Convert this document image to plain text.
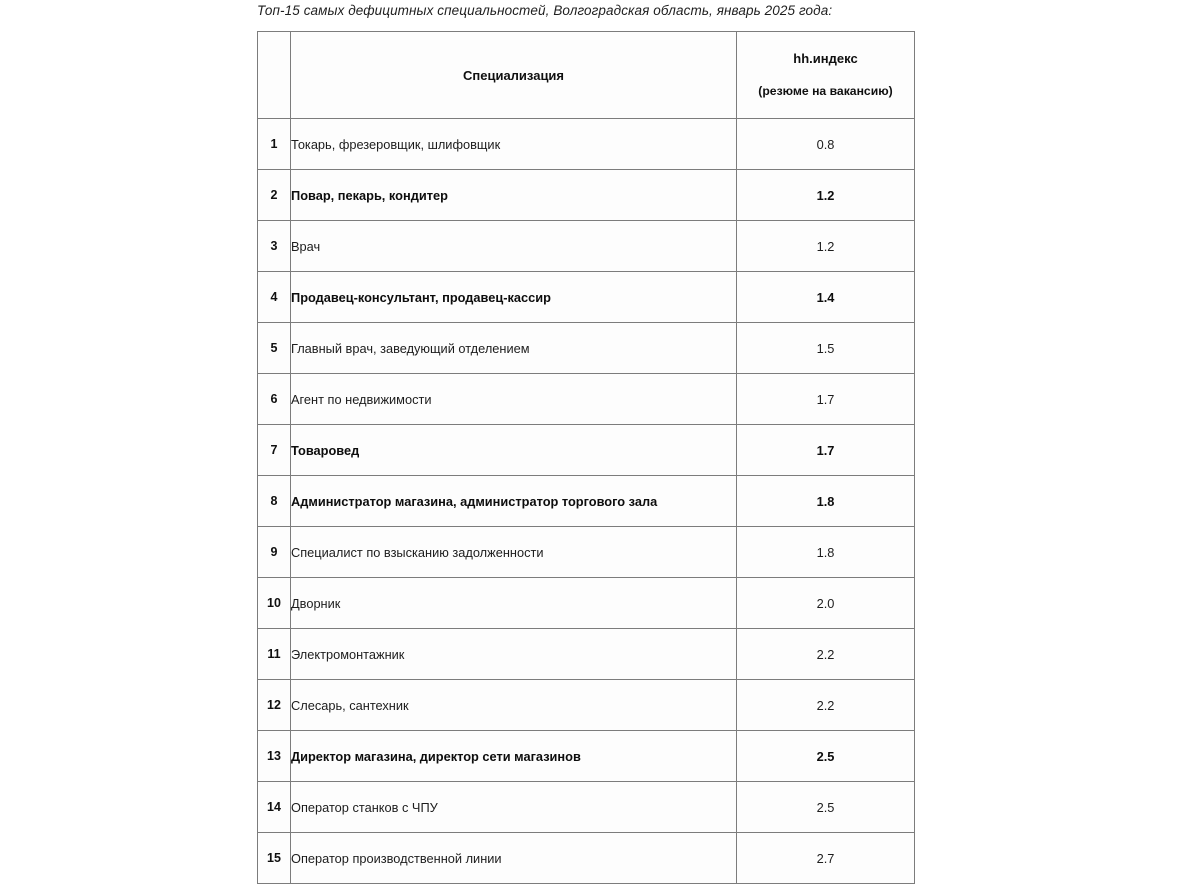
Топ-15 самых дефицитных специальностей, Волгоградская область, январь 2025 года:
	Специализация	hh.индекс
(резюме на вакансию)

1	Токарь, фрезеровщик, шлифовщик	0.8
2	Повар, пекарь, кондитер	1.2
3	Врач	1.2
4	Продавец-консультант, продавец-кассир	1.4
5	Главный врач, заведующий отделением	1.5
6	Агент по недвижимости	1.7
7	Товаровед	1.7
8	Администратор магазина, администратор торгового зала	1.8
9	Специалист по взысканию задолженности	1.8
10	Дворник	2.0
11	Электромонтажник	2.2
12	Слесарь, сантехник	2.2
13	Директор магазина, директор сети магазинов	2.5
14	Оператор станков с ЧПУ	2.5
15	Оператор производственной линии	2.7
